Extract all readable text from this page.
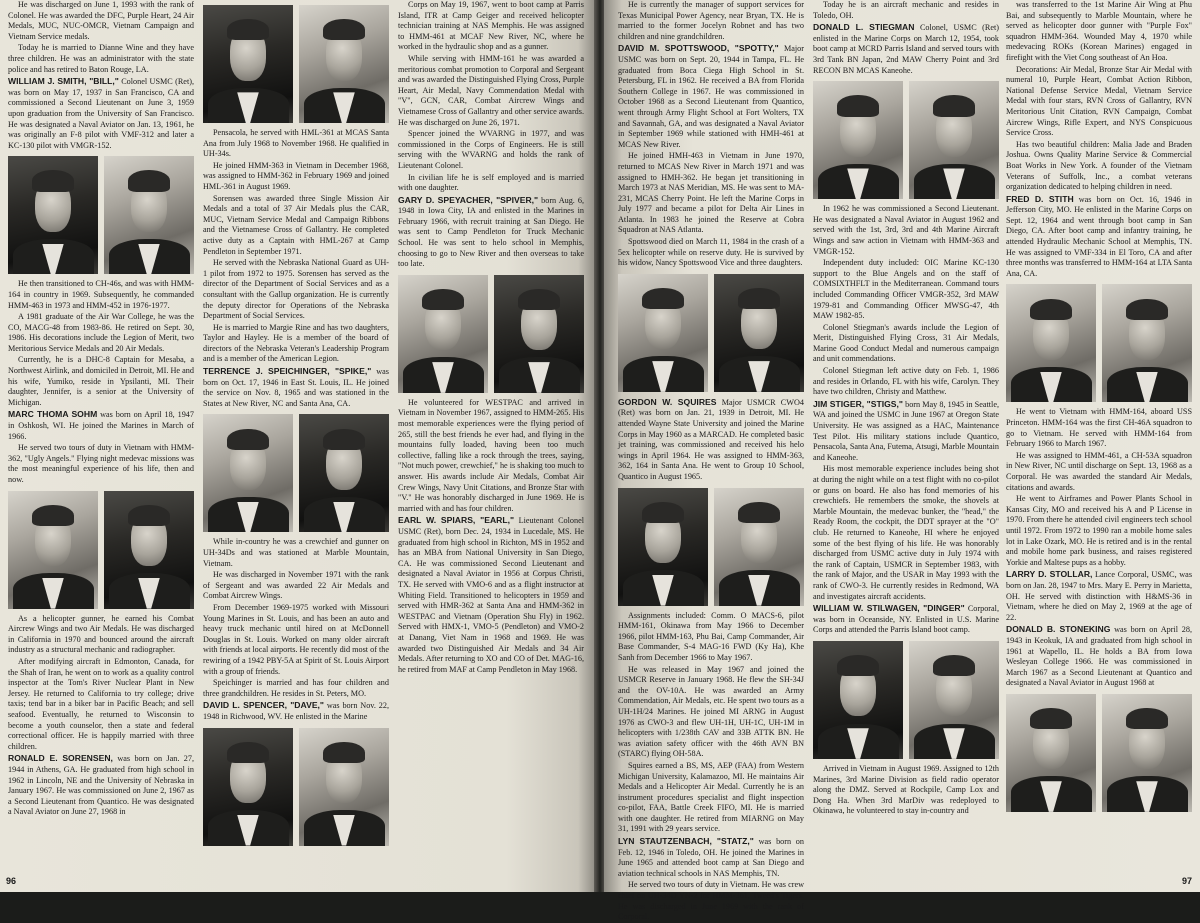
He was discharged on June 1, 1993 with the rank of Colonel. He was awarded the DFC, Purple Heart, 24 Air Medals, MUC, NUC-OMCR, Vietnam Campaign and Vietnam Service medals.

Today he is married to Dianne Wine and they have three children. He was an administrator with the state police and has retired to Baton Rouge, LA.

WILLIAM J. SMITH, "BILL," Colonel USMC (Ret), was born on May 17, 1937 in San Francisco, CA and commissioned a Second Lieutenant on June 3, 1959 upon graduation from the University of San Francisco. He was designated a Naval Aviator on Jan. 13, 1961, he was originally an F-8 pilot with VMF-312 and later a KC-130 pilot with VMGR-152.

He then transitioned to CH-46s, and was with HMM-164 in country in 1969. Subsequently, he commanded HMM-463 in 1973 and HMM-452 in 1976-1977.

A 1981 graduate of the Air War College, he was the CO, MACG-48 from 1983-86. He retired on Sept. 30, 1986. His decorations include the Legion of Merit, two Meritorious Service Medals and 20 Air Medals.

Currently, he is a DHC-8 Captain for Mesaba, a Northwest Airlink, and domiciled in Detroit, MI. He and his wife, Yumiko, reside in Ypsilanti, MI. Their daughter, Jennifer, is a senior at the University of Michigan.

MARC THOMA SOHM was born on April 18, 1947 in Oshkosh, WI. He joined the Marines in March of 1966.

He served two tours of duty in Vietnam with HMM-362, "Ugly Angels." Flying night medevac missions was the most meaningful experience of his life, then and now.

As a helicopter gunner, he earned his Combat Aircrew Wings and two Air Medals. He was discharged in California in 1970 and bounced around the aircraft industry as a structural mechanic and radiographer.

After modifying aircraft in Edmonton, Canada, for the Shah of Iran, he went on to work as a quality control inspector at the Tom's River Nuclear Plant in New Jersey. He returned to California to try college; drive taxis; tend bar in a biker bar in Pacific Beach; and sell seafood. Eventually, he returned to Wisconsin to become a youth counselor, then a state and federal correctional officer. He is happily married with three children.

RONALD E. SORENSEN, was born on Jan. 27, 1944 in Athens, GA. He graduated from high school in 1962 in Lincoln, NE and the University of Nebraska in January 1967. He was commissioned on June 2, 1967 as a Second Lieutenant from Quantico. He was designated a Naval Aviator on June 27, 1968 in

Pensacola, he served with HML-361 at MCAS Santa Ana from July 1968 to November 1968. He qualified in UH-34s.

He joined HMM-363 in Vietnam in December 1968, was assigned to HMM-362 in February 1969 and joined HML-361 in August 1969.

Sorensen was awarded three Single Mission Air Medals and a total of 37 Air Medals plus the CAR, MUC, Vietnam Service Medal and Campaign Ribbons and the Vietnamese Cross of Gallantry. He completed active duty as a Captain with HML-267 at Camp Pendleton in September 1971.

He served with the Nebraska National Guard as UH-1 pilot from 1972 to 1975. Sorensen has served as the director of the Department of Social Services and as a consultant with the Gallup organization. He is currently the deputy director for Operations of the Nebraska Department of Social Services.

He is married to Margie Rine and has two daughters, Taylor and Hayley. He is a member of the board of directors of the Nebraska Veteran's Leadership Program and is a member of the American Legion.

TERRENCE J. SPEICHINGER, "SPIKE," was born on Oct. 17, 1946 in East St. Louis, IL. He joined the service on Nov. 8, 1965 and was stationed in the States at New River, NC and Santa Ana, CA.

While in-country he was a crewchief and gunner on UH-34Ds and was stationed at Marble Mountain, Vietnam.

He was discharged in November 1971 with the rank of Sergeant and was awarded 22 Air Medals and Combat Aircrew Wings.

From December 1969-1975 worked with Missouri Young Marines in St. Louis, and has been an auto and heavy truck mechanic until hired on at McDonnell Douglas in St. Louis. Worked on many older aircraft with friends at local airports. He recently did most of the rewiring of a 1942 PBY-5A at Spirit of St. Louis Airport with a group of friends.

Speichinger is married and has four children and three grandchildren. He resides in St. Peters, MO.

DAVID L. SPENCER, "DAVE," was born Nov. 22, 1948 in Richwood, WV. He enlisted in the Marine

Corps on May 19, 1967, went to boot camp at Parris Island, ITR at Camp Geiger and received helicopter technician training at NAS Memphis. He was assigned to HMM-461 at MCAF New River, NC, where he worked in the hydraulic shop and as a gunner.

While serving with HMM-161 he was awarded a meritorious combat promotion to Corporal and Sergeant and was awarded the Distinguished Flying Cross, Purple Heart, Air Medal, Navy Commendation Medal with "V", GCN, CAR, Combat Aircrew Wings and Vietnamese Cross of Gallantry and other service awards. He was discharged on June 26, 1971.

Spencer joined the WVARNG in 1977, and was commissioned in the Corps of Engineers. He is still serving with the WVARNG and holds the rank of Lieutenant Colonel.

In civilian life he is self employed and is married with one daughter.

GARY D. SPEYACHER, "SPIVER," born Aug. 6, 1948 in Iowa City, IA and enlisted in the Marines in February 1966, with recruit training at San Diego. He was sent to Camp Pendleton for Truck Mechanic School. He was sent to helo school in Memphis, choosing to go to New River and then overseas to take too late.

He volunteered for WESTPAC and arrived in Vietnam in November 1967, assigned to HMM-265. His most memorable experiences were the flying period of 265, still the best friends he ever had, and flying in the mountains fully loaded, having been too much collective, falling like a rock through the trees, saying, "Not much power, crewchief," he is shaking too much to answer. His awards include Air Medals, Combat Air Crew Wings, Navy Unit Citations, and Bronze Star with "V." He was honorably discharged in June 1969. He is married with and has four children.

EARL W. SPIARS, "EARL," Lieutenant Colonel USMC (Ret), born Dec. 24, 1934 in Lucedale, MS. He graduated from high school in Richton, MS in 1952 and has an MBA from National University in San Diego, CA. He was commissioned Second Lieutenant and designated a Naval Aviator in 1956 at Corpus Christi, TX. He served with VMO-6 and as a flight instructor at Whiting Field. Transitioned to helicopters in 1959 and served with HMR-362 at Santa Ana and HMM-362 in WESTPAC and Vietnam (Operation Shu Fly) in 1962. Served with HMX-1, VMO-5 (Pendleton) and VMO-2 at Danang, Viet Nam in 1968 and 1969. He was awarded two Distinguished Air Medals and 34 Air Medals. After returning to XO and CO of Det. MAG-16, he retired from MAF at Camp Pendleton in May 1968.

96

He is currently the manager of support services for Texas Municipal Power Agency, near Bryan, TX. He is married to the former Jocelyn Robnet and has two children and nine grandchildren.

DAVID M. SPOTTSWOOD, "SPOTTY," Major USMC was born on Sept. 20, 1944 in Tampa, FL. He graduated from Boca Ciega High School in St. Petersburg, FL in 1962. He received a BA from Florida Southern College in 1967. He was commissioned in October 1968 as a Second Lieutenant from Quantico, went through Army Flight School at Fort Wolters, TX and Savannah, GA, and was designated a Naval Aviator in September 1969 while stationed with HMH-461 at MCAS New River.

He joined HMH-463 in Vietnam in June 1970, returned to MCAS New River in March 1971 and was assigned to HMH-362. He began jet transitioning in March 1973 at NAS Meridian, MS. He was sent to MA-231, MCAS Cherry Point. He left the Marine Corps in July 1977 and became a pilot for Delta Air Lines in Atlanta. In 1983 he joined the Reserve at Cobra Squadron at NAS Atlanta.

Spottswood died on March 11, 1984 in the crash of a 5ex helicopter while on reserve duty. He is survived by his widow, Nancy Spottswood Vice and three daughters.

GORDON W. SQUIRES Major USMCR CWO4 (Ret) was born on Jan. 21, 1939 in Detroit, MI. He attended Wayne State University and joined the Marine Corps in May 1960 as a MARCAD. He completed basic jet training, was commissioned and received his helo wings in April 1964. He was assigned to HMM-363, 362, 164 in Santa Ana. He went to Group 10 School, Quantico in August 1965.

Assignments included: Comm. O MACS-6, pilot HMM-161, Okinawa from May 1966 to December 1966, pilot HMM-163, Phu Bai, Camp Commander, Air Base Commander, S-4 MAG-16 FWD (Ky Ha), Khe Sanh from December 1966 to May 1967.

He was released in May 1967 and joined the USMCR Reserve in January 1968. He flew the SH-34J and the OV-10A. He was awarded an Army Commendation, Air Medals, etc. He spent two tours as a UH-1H/24 Marines. He joined MI ARNG in August 1976 as CWO-3 and flew UH-1H, UH-1C, UH-1M in helicopters with 1/238th CAV and 33B ATTK BN. He was aviation safety officer with the 46th AVN BN (STARC) flying OH-58A.

Squires earned a BS, MS, AEP (FAA) from Western Michigan University, Kalamazoo, MI. He maintains Air Medals and a Helicopter Air Medal. Currently he is an instrument procedures specialist and flight inspection co-pilot, FAA, Battle Creek FIFO, MI. He is married with one daughter. He retired from MIARNG on May 31, 1991 with 29 years service.

LYN STAUTZENBACH, "STATZ," was born on Feb. 12, 1946 in Toledo, OH. He joined the Marines in June 1965 and attended boot camp at San Diego and aviation technical schools in NAS Memphis, TN.

He served two tours of duty in Vietnam. He was crew chief on UH-34D YN-2 for HMM-361, Tweed's Tigers. He was discharged in June 1969 with the rank of Corporal.

Today he is an aircraft mechanic and resides in Toledo, OH.

DONALD L. STIEGMAN Colonel, USMC (Ret) enlisted in the Marine Corps on March 12, 1954, took boot camp at MCRD Parris Island and served tours with 3rd Tank BN Japan, 2nd MAW Cherry Point and 3rd RECON BN MCAS Kaneohe.

In 1962 he was commissioned a Second Lieutenant. He was designated a Naval Aviator in August 1962 and served with the 1st, 3rd, 3rd and 4th Marine Aircraft Wings and saw action in Vietnam with HMM-363 and VMGR-152.

Independent duty included: OIC Marine KC-130 support to the Blue Angels and on the staff of COMSIXTHFLT in the Mediterranean. Command tours included Commanding Officer VMGR-352, 3rd MAW 1979-81 and Commanding Officer MWSG-47, 4th MAW 1982-85.

Colonel Stiegman's awards include the Legion of Merit, Distinguished Flying Cross, 31 Air Medals, Marine Good Conduct Medal and numerous campaign and unit commendations.

Colonel Stiegman left active duty on Feb. 1, 1986 and resides in Orlando, FL with his wife, Carolyn. They have two children, Christy and Matthew.

JIM STIGER, "STIGS," born May 8, 1945 in Seattle, WA and joined the USMC in June 1967 at Oregon State University. He was assigned as a HAC, Maintenance Test Pilot. His military stations include Quantico, Pensacola, Santa Ana, Futema, Atsugi, Marble Mountain and Kaneohe.

His most memorable experience includes being shot at during the night while on a test flight with no co-pilot or guns on board. He also has fond memories of his crewchiefs. He remembers the smoke, the shovels at Marble Mountain, the medevac bunker, the "head," the Ready Room, the cockpit, the DDT sprayer at the "O" club. He returned to Kaneohe, HI where he enjoyed some of the best flying of his life. He was honorably discharged from USMC active duty in July 1974 with the rank of Captain, USMCR in September 1983, with the rank of Major, and the USAR in May 1993 with the rank of CWO-3. He currently resides in Redmond, WA and investigates aircraft accidents.

WILLIAM W. STILWAGEN, "DINGER" Corporal, was born in Oceanside, NY. Enlisted in U.S. Marine Corps and attended the Parris Island boot camp.

Arrived in Vietnam in August 1969. Assigned to 12th Marines, 3rd Marine Division as field radio operator along the DMZ. Served at Rockpile, Camp Lox and Dong Ha. When 3rd MarDiv was redeployed to Okinawa, he volunteered to stay in-country and

was transferred to the 1st Marine Air Wing at Phu Bai, and subsequently to Marble Mountain, where he served as helicopter door gunner with "Purple Fox" squadron HMM-364. Wounded May 4, 1970 while medevacing ROKs (Korean Marines) engaged in firefight with the Viet Cong southeast of An Hoa.

Decorations: Air Medal, Bronze Star Air Medal with numeral 10, Purple Heart, Combat Action Ribbon, National Defense Service Medal, Vietnam Service Medal with four stars, RVN Cross of Gallantry, RVN Meritorious Unit Citation, RVN Campaign, Combat Aircrew Wings, Rifle Expert, and NYS Conspicuous Service Cross.

Has two beautiful children: Malia Jade and Braden Joshua. Owns Quality Marine Service & Commercial Boat Works in New York. A founder of the Vietnam Veterans of Suffolk, Inc., a combat veterans organization dedicated to helping children in need.

FRED D. STITH was born on Oct. 16, 1946 in Jefferson City, MO. He enlisted in the Marine Corps on Sept. 12, 1964 and went through boot camp in San Diego, CA. After boot camp and infantry training, he attended Hydraulic Mechanic School at Memphis, TN. He was assigned to VMF-334 in El Toro, CA and after three months was transferred to HMM-164 at LTA Santa Ana, CA.

He went to Vietnam with HMM-164, aboard USS Princeton. HMM-164 was the first CH-46A squadron to go to Vietnam. He served with HMM-164 from February 1966 to March 1967.

He was assigned to HMM-461, a CH-53A squadron in New River, NC until discharge on Sept. 13, 1968 as a Corporal. He was awarded the standard Air Medals, citations and awards.

He went to Airframes and Power Plants School in Kansas City, MO and received his A and P License in 1970. From there he attended civil engineers tech school until 1972. From 1972 to 1990 ran a mobile home sales lot in Lake Ozark, MO. He is retired and is in the rental and mobile home park business, and raises registered Yorkie and Maltese pups as a hobby.

LARRY D. STOLLAR, Lance Corporal, USMC, was born on Jan. 28, 1947 to Mrs. Mary E. Perry in Marietta, OH. He served with distinction with H&MS-36 in Vietnam, where he died on May 2, 1969 at the age of 22.

DONALD B. STONEKING was born on April 28, 1943 in Keokuk, IA and graduated from high school in 1961 at Wapello, IL. He holds a BA from Iowa Wesleyan College 1966. He was commissioned in March 1967 as a Second Lieutenant at Quantico and designated a Naval Aviator in August 1968 at

97
